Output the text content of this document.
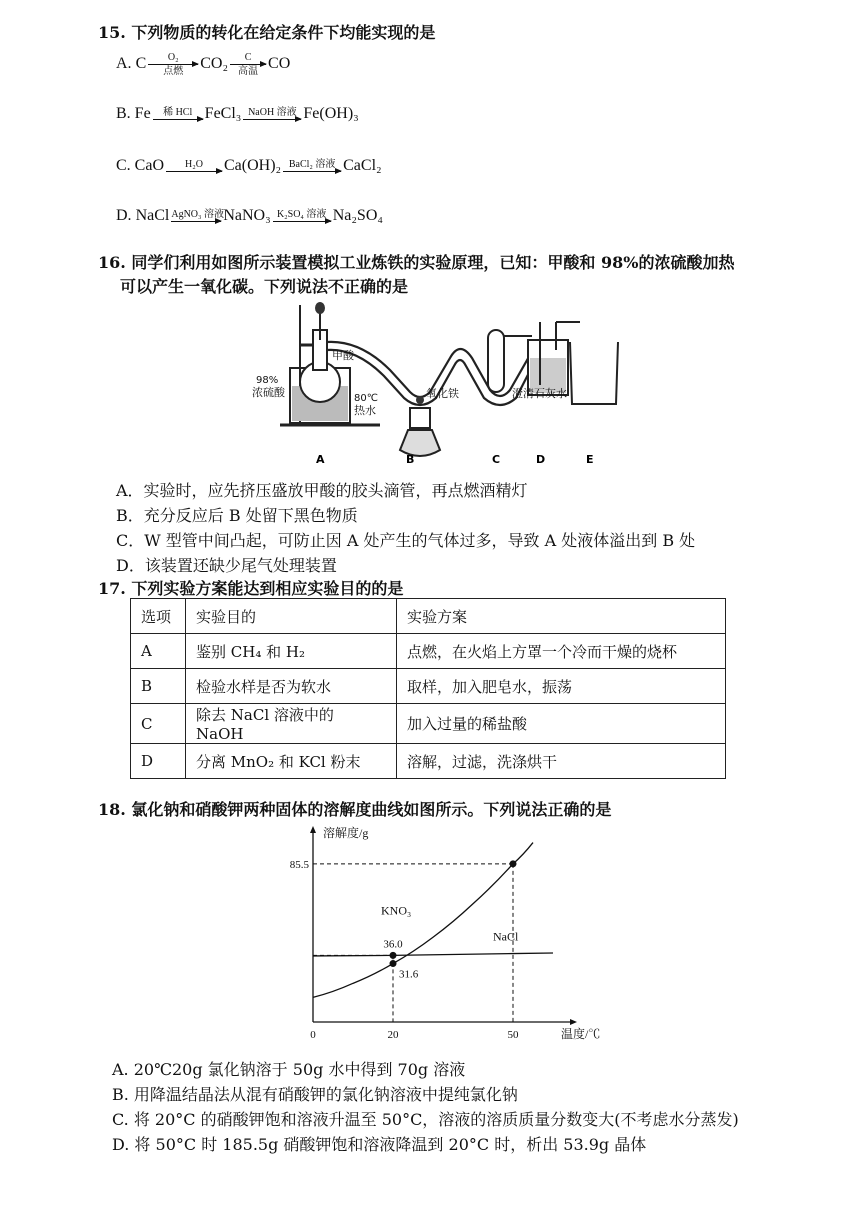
15. 下列物质的转化在给定条件下均能实现的是
A. C	O₂
点燃	CO₂	C
高温 CO
B. Fe	稀 HCl FeCl₃ NaOH 溶液 Fe(OH)₃
C. CaO	H₂O	Ca(OH)₂ BaCl₂ 溶液 CaCl₂
D. NaCl AgNO₃ 溶液 NaNO₃ K₂SO₄ 溶液 Na₂SO₄
16. 同学们利用如图所示装置模拟工业炼铁的实验原理，已知：甲酸和 98%的浓硫酸加热
可以产生一氧化碳。下列说法不正确的是
甲酸
98%
浓硫酸	80℃
热水
氧化铁	澄清石灰水
A	B	C	D	E
A．实验时，应先挤压盛放甲酸的胶头滴管，再点燃酒精灯
B．充分反应后 B 处留下黑色物质
C．W 型管中间凸起，可防止因 A 处产生的气体过多，导致 A 处液体溢出到 B 处
D．该装置还缺少尾气处理装置
17. 下列实验方案能达到相应实验目的的是
选项	实验目的	实验方案
A	鉴别 CH₄ 和 H₂	点燃，在火焰上方罩一个冷而干燥的烧杯
B	检验水样是否为软水	取样，加入肥皂水，振荡
C	除去 NaCl 溶液中的 NaOH	加入过量的稀盐酸
D	分离 MnO₂ 和 KCl 粉末	溶解，过滤，洗涤烘干
18. 氯化钠和硝酸钾两种固体的溶解度曲线如图所示。下列说法正确的是
溶解度/g
温度/℃
0	20	50
KNO₃
NaCl
85.5
36.0
31.6
A. 20℃20g 氯化钠溶于 50g 水中得到 70g 溶液
B. 用降温结晶法从混有硝酸钾的氯化钠溶液中提纯氯化钠
C. 将 20°C 的硝酸钾饱和溶液升温至 50°C，溶液的溶质质量分数变大(不考虑水分蒸发)
D. 将 50°C 时 185.5g 硝酸钾饱和溶液降温到 20°C 时，析出 53.9g 晶体
